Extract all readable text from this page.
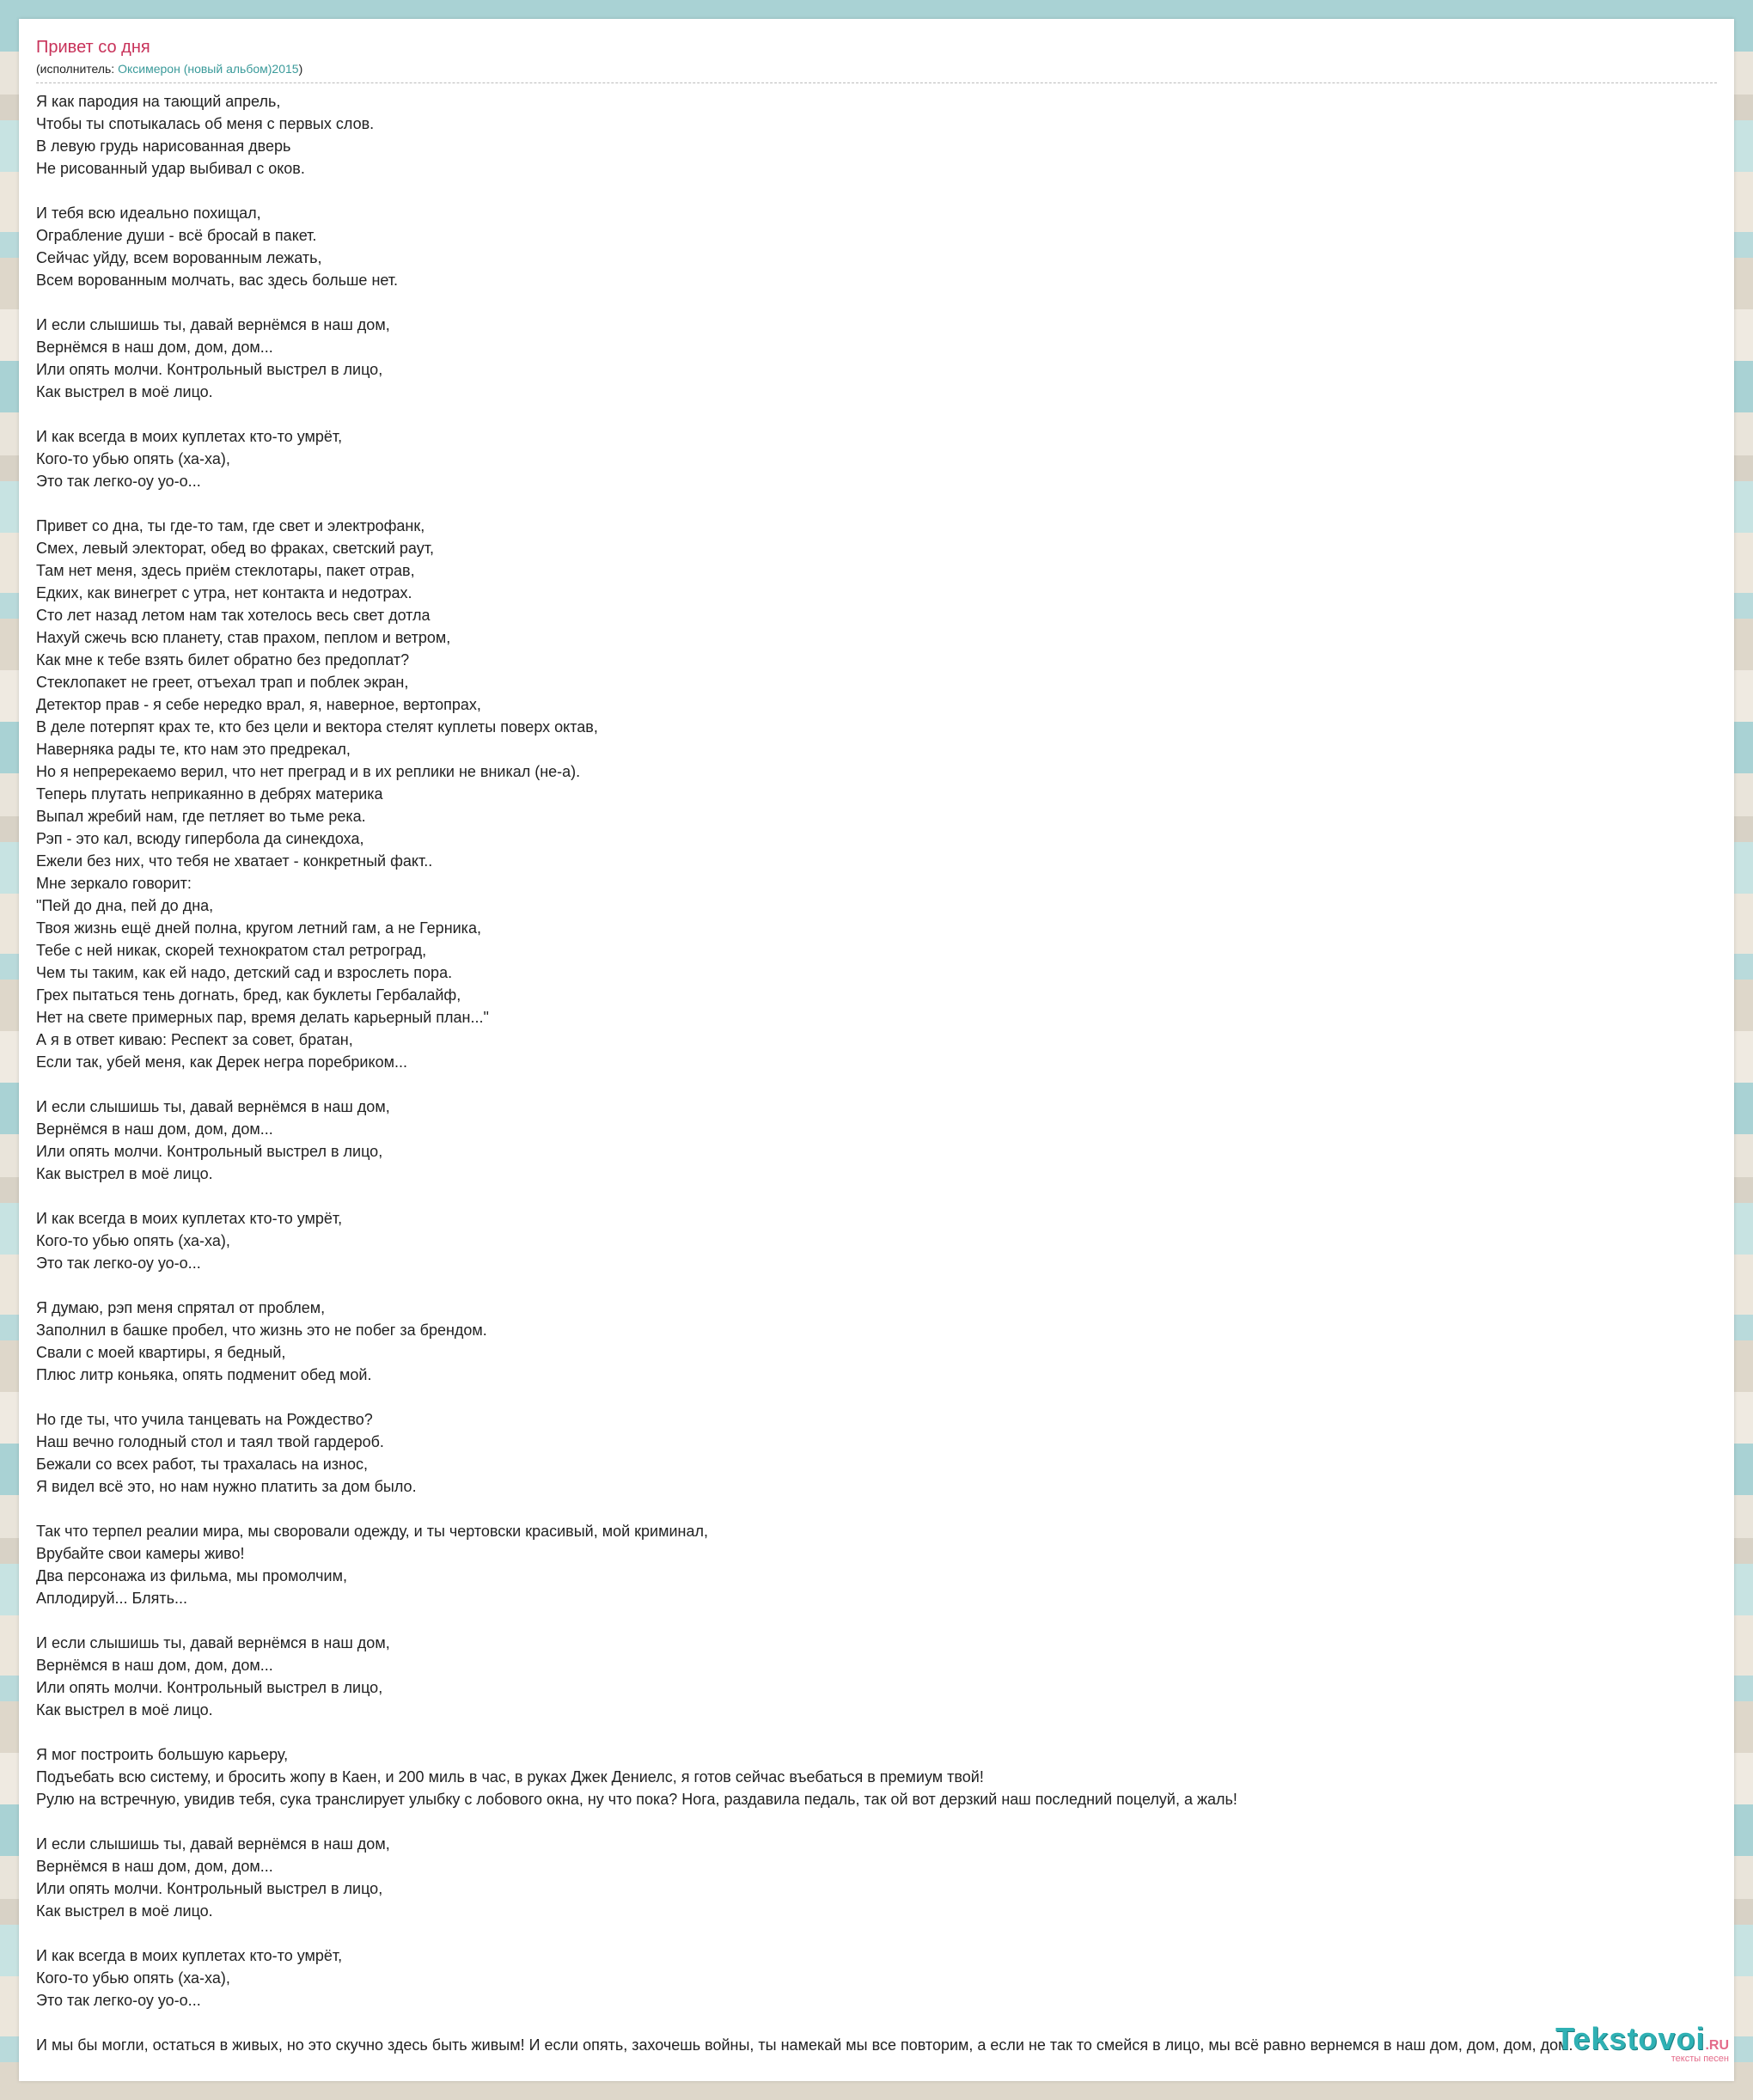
Привет со дня
(исполнитель: Оксимерон (новый альбом)2015)
Я как пародия на тающий апрель,
Чтобы ты спотыкалась об меня с первых слов.
В левую грудь нарисованная дверь
Не рисованный удар выбивал с оков.
И тебя всю идеально похищал,
Ограбление души - всё бросай в пакет.
Сейчас уйду, всем ворованным лежать,
Всем ворованным молчать, вас здесь больше нет.
И если слышишь ты, давай вернёмся в наш дом,
Вернёмся в наш дом, дом, дом...
Или опять молчи. Контрольный выстрел в лицо,
Как выстрел в моё лицо.
И как всегда в моих куплетах кто-то умрёт,
Кого-то убью опять (ха-ха),
Это так легко-оу уо-о...
Привет со дна, ты где-то там, где свет и электрофанк,
Смех, левый электорат, обед во фраках, светский раут,
Там нет меня, здесь приём стеклотары, пакет отрав,
Едких, как винегрет с утра, нет контакта и недотрах.
Сто лет назад летом нам так хотелось весь свет дотла
Нахуй сжечь всю планету, став прахом, пеплом и ветром,
Как мне к тебе взять билет обратно без предоплат?
Стеклопакет не греет, отъехал трап и поблек экран,
Детектор прав - я себе нередко врал, я, наверное, вертопрах,
В деле потерпят крах те, кто без цели и вектора стелят куплеты поверх октав,
Наверняка рады те, кто нам это предрекал,
Но я непререкаемо верил, что нет преград и в их реплики не вникал (не-а).
Теперь плутать неприкаянно в дебрях материка
Выпал жребий нам, где петляет во тьме река.
Рэп - это кал, всюду гипербола да синекдоха,
Ежели без них, что тебя не хватает - конкретный факт..
Мне зеркало говорит:
"Пей до дна, пей до дна,
Твоя жизнь ещё дней полна, кругом летний гам, а не Герника,
Тебе с ней никак, скорей технократом стал ретроград,
Чем ты таким, как ей надо, детский сад и взрослеть пора.
Грех пытаться тень догнать, бред, как буклеты Гербалайф,
Нет на свете примерных пар, время делать карьерный план..."
А я в ответ киваю: Респект за совет, братан,
Если так, убей меня, как Дерек негра поребриком...
И если слышишь ты, давай вернёмся в наш дом,
Вернёмся в наш дом, дом, дом...
Или опять молчи. Контрольный выстрел в лицо,
Как выстрел в моё лицо.
И как всегда в моих куплетах кто-то умрёт,
Кого-то убью опять (ха-ха),
Это так легко-оу уо-о...
Я думаю, рэп меня спрятал от проблем,
Заполнил в башке пробел, что жизнь это не побег за брендом.
Свали с моей квартиры, я бедный,
Плюс литр коньяка, опять подменит обед мой.
Но где ты, что учила танцевать на Рождество?
Наш вечно голодный стол и таял твой гардероб.
Бежали со всех работ, ты трахалась на износ,
Я видел всё это, но нам нужно платить за дом было.
Так что терпел реалии мира, мы своровали одежду, и ты чертовски красивый, мой криминал,
Врубайте свои камеры живо!
Два персонажа из фильма, мы промолчим,
Аплодируй... Блять...
И если слышишь ты, давай вернёмся в наш дом,
Вернёмся в наш дом, дом, дом...
Или опять молчи. Контрольный выстрел в лицо,
Как выстрел в моё лицо.
Я мог построить большую карьеру,
Подъебать всю систему, и бросить жопу в Каен, и 200 миль в час, в руках Джек Дениелс, я готов сейчас въебаться в премиум твой!
Рулю на встречную, увидив тебя, сука транслирует улыбку с лобового окна, ну что пока? Нога, раздавила педаль, так ой вот дерзкий наш последний поцелуй, а жаль!
И если слышишь ты, давай вернёмся в наш дом,
Вернёмся в наш дом, дом, дом...
Или опять молчи. Контрольный выстрел в лицо,
Как выстрел в моё лицо.
И как всегда в моих куплетах кто-то умрёт,
Кого-то убью опять (ха-ха),
Это так легко-оу уо-о...
И мы бы могли, остаться в живых, но это скучно здесь быть живым! И если опять, захочешь войны, ты намекай мы все повторим, а если не так то смейся в лицо, мы всё равно вернемся в наш дом, дом, дом, дом.
Tekstovoi.RU
тексты песен
